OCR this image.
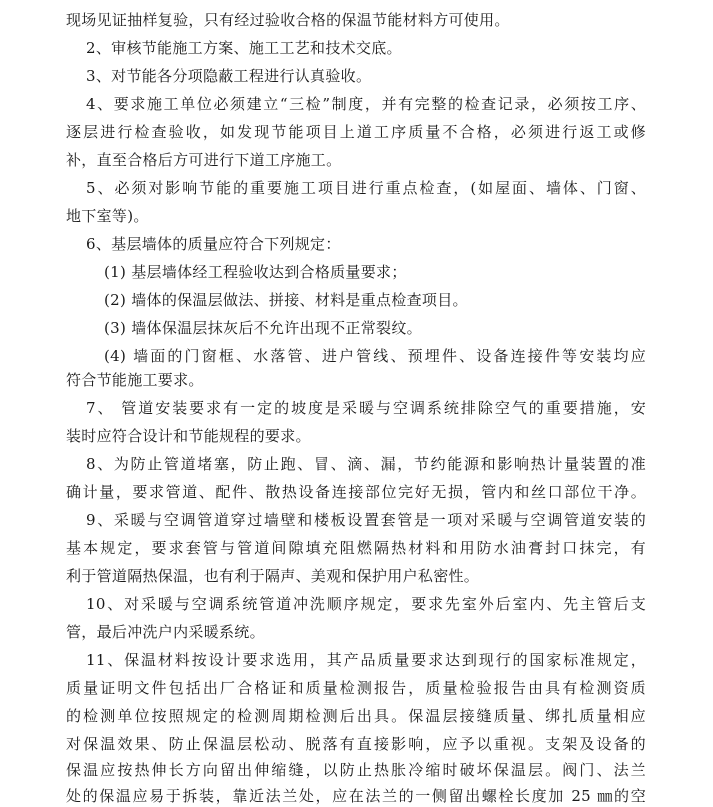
现场见证抽样复验，只有经过验收合格的保温节能材料方可使用。
2、审核节能施工方案、施工工艺和技术交底。
3、对节能各分项隐蔽工程进行认真验收。
4、要求施工单位必须建立“三检”制度，并有完整的检查记录，必须按工序、
逐层进行检查验收，如发现节能项目上道工序质量不合格，必须进行返工或修
补，直至合格后方可进行下道工序施工。
5、必须对影响节能的重要施工项目进行重点检查，(如屋面、墙体、门窗、
地下室等)。
6、基层墙体的质量应符合下列规定：
(1) 基层墙体经工程验收达到合格质量要求；
(2) 墙体的保温层做法、拼接、材料是重点检查项目。
(3) 墙体保温层抹灰后不允许出现不正常裂纹。
(4) 墙面的门窗框、水落管、进户管线、预埋件、设备连接件等安装均应
符合节能施工要求。
7、 管道安装要求有一定的坡度是采暖与空调系统排除空气的重要措施，安
装时应符合设计和节能规程的要求。
8、为防止管道堵塞，防止跑、冒、滴、漏，节约能源和影响热计量装置的准
确计量，要求管道、配件、散热设备连接部位完好无损，管内和丝口部位干净。
9、采暖与空调管道穿过墙壁和楼板设置套管是一项对采暖与空调管道安装的
基本规定，要求套管与管道间隙填充阻燃隔热材料和用防水油膏封口抹完，有
利于管道隔热保温，也有利于隔声、美观和保护用户私密性。
10、对采暖与空调系统管道冲洗顺序规定，要求先室外后室内、先主管后支
管，最后冲洗户内采暖系统。
11、保温材料按设计要求选用，其产品质量要求达到现行的国家标准规定，
质量证明文件包括出厂合格证和质量检测报告，质量检验报告由具有检测资质
的检测单位按照规定的检测周期检测后出具。保温层接缝质量、绑扎质量相应
对保温效果、防止保温层松动、脱落有直接影响，应予以重视。支架及设备的
保温应按热伸长方向留出伸缩缝，以防止热胀冷缩时破坏保温层。阀门、法兰
处的保温应易于拆装，靠近法兰处，应在法兰的一侧留出螺栓长度加 25 ㎜的空
